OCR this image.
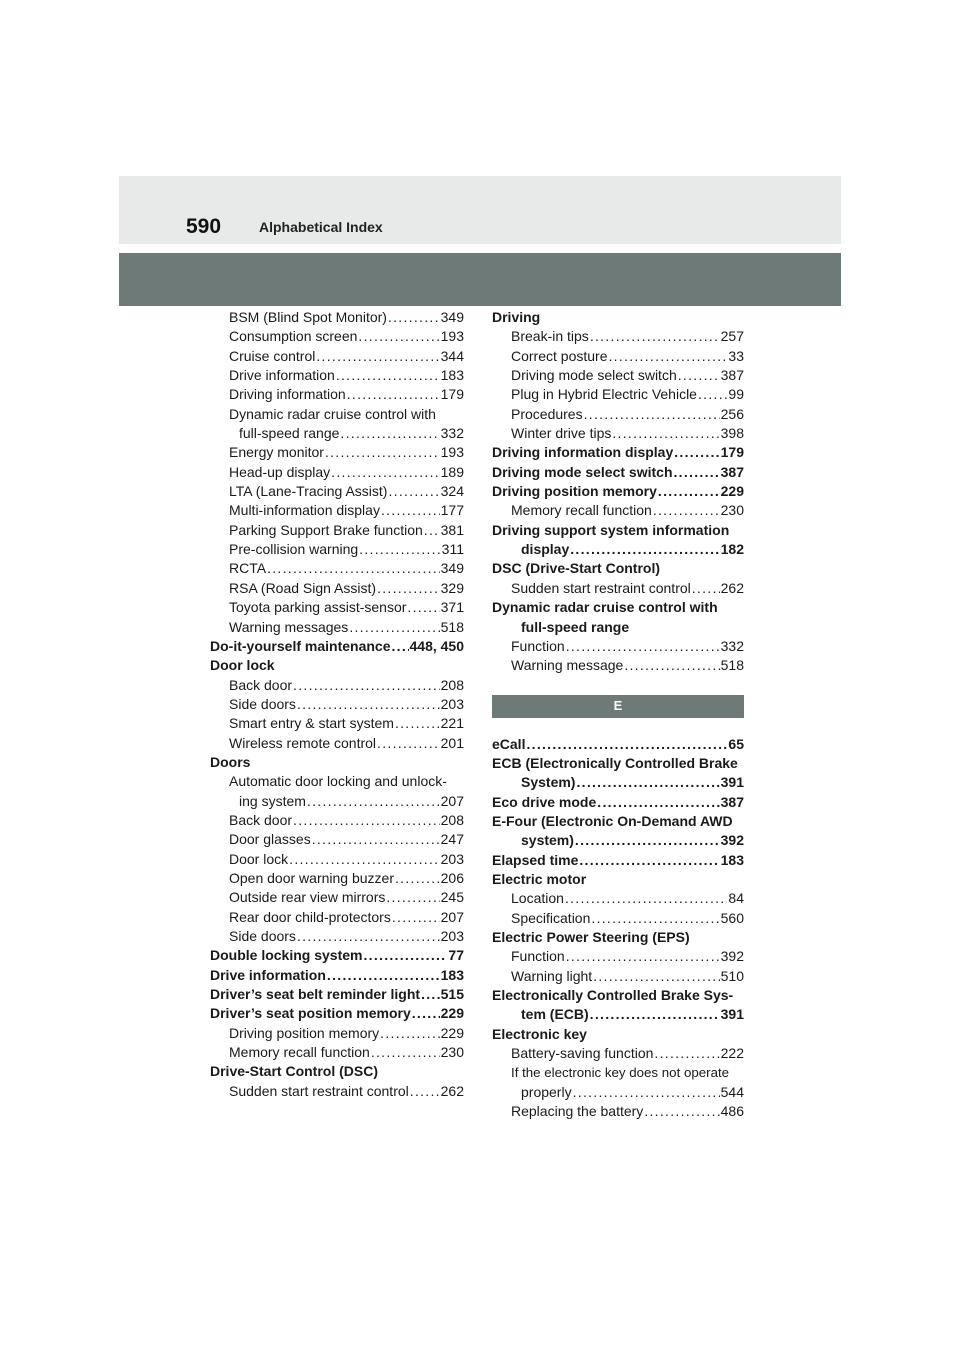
590	Alphabetical Index
BSM (Blind Spot Monitor) . . .	349
Consumption screen . . .	193
Cruise control . . .	344
Drive information . . .	183
Driving information . . .	179
Dynamic radar cruise control with
full-speed range . . .	332
Energy monitor . . .	193
Head-up display . . .	189
LTA (Lane-Tracing Assist) . . .	324
Multi-information display . . .	177
Parking Support Brake function . . . 381
Pre-collision warning . . .	311
RCTA . . .	349
RSA (Road Sign Assist) . . .	329
Toyota parking assist-sensor . . . 371
Warning messages . . .	518
Do-it-yourself maintenance . . . 448, 450
Door lock
Back door . . .	208
Side doors . . .	203
Smart entry & start system . . .	221
Wireless remote control . . .	201
Doors
Automatic door locking and unlock-
ing system . . .	207
Back door . . .	208
Door glasses . . .	247
Door lock . . .	203
Open door warning buzzer . . .	206
Outside rear view mirrors . . .	245
Rear door child-protectors . . .	207
Side doors . . .	203
Double locking system . . .	77
Drive information . . .	183
Driver’s seat belt reminder light . . . 515
Driver’s seat position memory . . . 229
Driving position memory . . .	229
Memory recall function . . .	230
Drive-Start Control (DSC)
Sudden start restraint control . . . 262
Driving
Break-in tips . . .	257
Correct posture . . .	33
Driving mode select switch . . .	387
Plug in Hybrid Electric Vehicle . . . 99
Procedures . . .	256
Winter drive tips . . .	398
Driving information display . . .	179
Driving mode select switch . . .	387
Driving position memory . . .	229
Memory recall function . . .	230
Driving support system information
display . . .	182
DSC (Drive-Start Control)
Sudden start restraint control . . . 262
Dynamic radar cruise control with
full-speed range
Function . . .	332
Warning message . . .	518
E
eCall . . .	65
ECB (Electronically Controlled Brake
System) . . .	391
Eco drive mode . . .	387
E-Four (Electronic On-Demand AWD
system) . . .	392
Elapsed time . . .	183
Electric motor
Location . . .	84
Specification . . .	560
Electric Power Steering (EPS)
Function . . .	392
Warning light . . .	510
Electronically Controlled Brake Sys-
tem (ECB) . . .	391
Electronic key
Battery-saving function . . .	222
If the electronic key does not operate
properly . . .	544
Replacing the battery . . .	486
